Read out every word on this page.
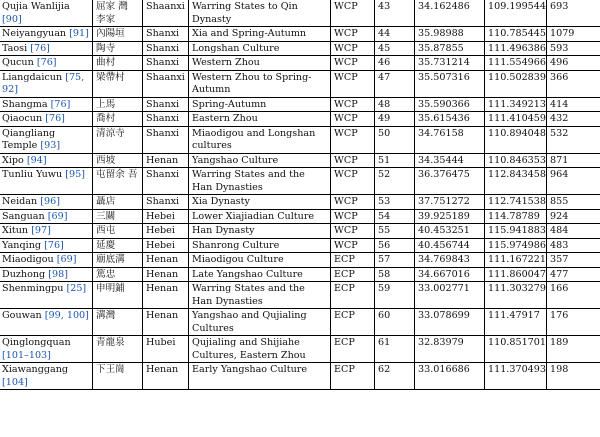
Qujia Wanlijia [90]	屈家 灣 李家	Shaanxi	Warring States to Qin Dynasty	WCP	43	34.162486	109.199544	693
Neiyangyuan [91]	內陽垣	Shanxi	Xia and Spring-Autumn	WCP	44	35.98988	110.785445	1079
Taosi [76]	陶寺	Shanxi	Longshan Culture	WCP	45	35.87855	111.496386	593
Qucun [76]	曲村	Shanxi	Western Zhou	WCP	46	35.731214	111.554966	496
Liangdaicun [75, 92]	梁帶村	Shaanxi	Western Zhou to Spring-Autumn	WCP	47	35.507316	110.502839	366
Shangma [76]	上馬	Shanxi	Spring-Autumn	WCP	48	35.590366	111.349213	414
Qiaocun [76]	喬村	Shanxi	Eastern Zhou	WCP	49	35.615436	111.410459	432
Qiangliang Temple [93]	清涼寺	Shanxi	Miaodigou and Longshan cultures	WCP	50	34.76158	110.894048	532
Xipo [94]	西坡	Henan	Yangshao Culture	WCP	51	34.35444	110.846353	871
Tunliu Yuwu [95]	屯留余 吾	Shanxi	Warring States and the Han Dynasties	WCP	52	36.376475	112.843458	964
Neidan [96]	聶店	Shanxi	Xia Dynasty	WCP	53	37.751272	112.741538	855
Sanguan [69]	三關	Hebei	Lower Xiajiadian Culture	WCP	54	39.925189	114.78789	924
Xitun [97]	西屯	Hebei	Han Dynasty	WCP	55	40.453251	115.941883	484
Yanqing [76]	延慶	Hebei	Shanrong Culture	WCP	56	40.456744	115.974986	483
Miaodigou [69]	廟底溝	Henan	Miaodigou Culture	ECP	57	34.769843	111.167221	357
Duzhong [98]	篤忠	Henan	Late Yangshao Culture	ECP	58	34.667016	111.860047	477
Shenmingpu [25]	申明鋪	Henan	Warring States and the Han Dynasties	ECP	59	33.002771	111.303279	166
Gouwan [99, 100]	溝灣	Henan	Yangshao and Qujialing Cultures	ECP	60	33.078699	111.47917	176
Qinglongquan [101–103]	青龍泉	Hubei	Qujialing and Shijiahe Cultures, Eastern Zhou	ECP	61	32.83979	110.851701	189
Xiawanggang [104]	下王崗	Henan	Early Yangshao Culture	ECP	62	33.016686	111.370493	198
